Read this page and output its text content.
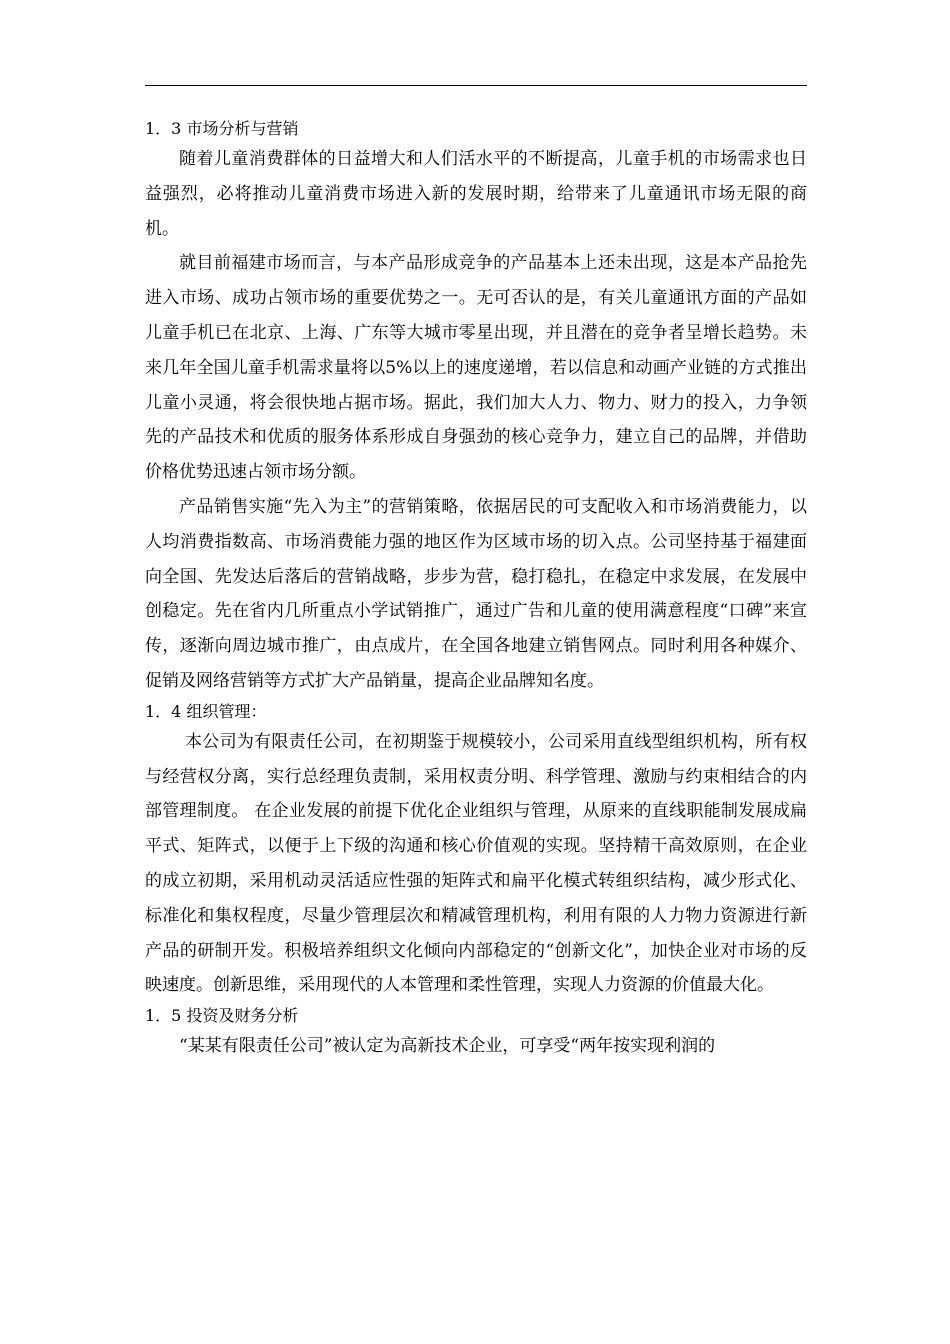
1．3 市场分析与营销

随着儿童消费群体的日益增大和人们活水平的不断提高，儿童手机的市场需求也日益强烈，必将推动儿童消费市场进入新的发展时期，给带来了儿童通讯市场无限的商机。

就目前福建市场而言，与本产品形成竞争的产品基本上还未出现，这是本产品抢先进入市场、成功占领市场的重要优势之一。无可否认的是，有关儿童通讯方面的产品如儿童手机已在北京、上海、广东等大城市零星出现，并且潜在的竞争者呈增长趋势。未来几年全国儿童手机需求量将以5%以上的速度递增，若以信息和动画产业链的方式推出儿童小灵通，将会很快地占据市场。据此，我们加大人力、物力、财力的投入，力争领先的产品技术和优质的服务体系形成自身强劲的核心竞争力，建立自己的品牌，并借助价格优势迅速占领市场分额。

产品销售实施“先入为主”的营销策略，依据居民的可支配收入和市场消费能力，以人均消费指数高、市场消费能力强的地区作为区域市场的切入点。公司坚持基于福建面向全国、先发达后落后的营销战略，步步为营，稳打稳扎，在稳定中求发展，在发展中创稳定。先在省内几所重点小学试销推广，通过广告和儿童的使用满意程度“口碑”来宣传，逐渐向周边城市推广，由点成片，在全国各地建立销售网点。同时利用各种媒介、促销及网络营销等方式扩大产品销量，提高企业品牌知名度。

1．4 组织管理：

本公司为有限责任公司，在初期鉴于规模较小，公司采用直线型组织机构，所有权与经营权分离，实行总经理负责制，采用权责分明、科学管理、激励与约束相结合的内部管理制度。 在企业发展的前提下优化企业组织与管理，从原来的直线职能制发展成扁平式、矩阵式，以便于上下级的沟通和核心价值观的实现。坚持精干高效原则，在企业的成立初期，采用机动灵活适应性强的矩阵式和扁平化模式转组织结构，减少形式化、标准化和集权程度，尽量少管理层次和精减管理机构，利用有限的人力物力资源进行新产品的研制开发。积极培养组织文化倾向内部稳定的“创新文化”，加快企业对市场的反映速度。创新思维，采用现代的人本管理和柔性管理，实现人力资源的价值最大化。

1．5 投资及财务分析

“某某有限责任公司”被认定为高新技术企业，可享受“两年按实现利润的
